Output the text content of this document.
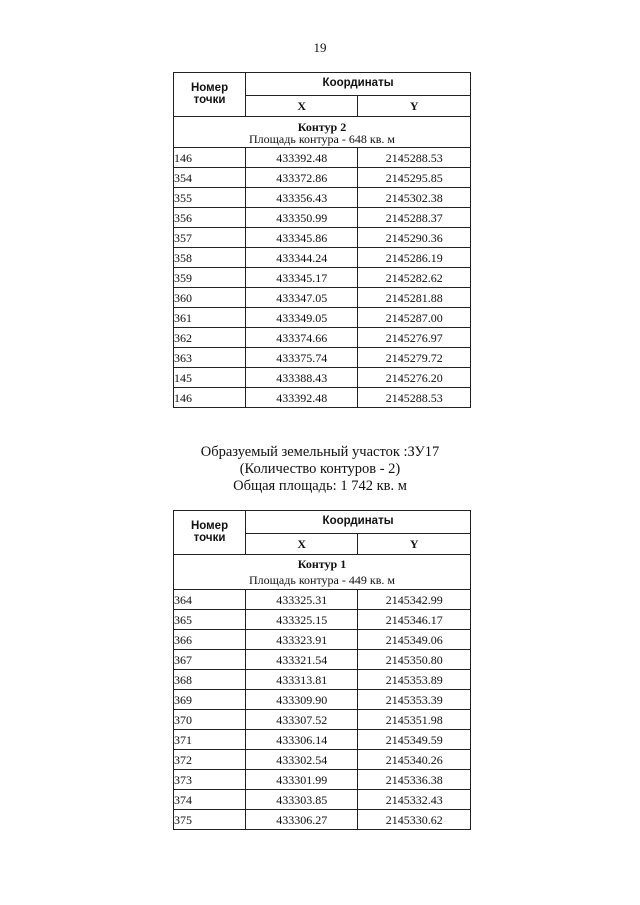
19
Номер точки	Координаты	
	X	Y

Контур 2
Площадь контура - 648 кв. м		

146	433392.48	2145288.53
354	433372.86	2145295.85
355	433356.43	2145302.38
356	433350.99	2145288.37
357	433345.86	2145290.36
358	433344.24	2145286.19
359	433345.17	2145282.62
360	433347.05	2145281.88
361	433349.05	2145287.00
362	433374.66	2145276.97
363	433375.74	2145279.72
145	433388.43	2145276.20
146	433392.48	2145288.53
Образуемый земельный участок :ЗУ17
(Количество контуров - 2)
Общая площадь: 1 742 кв. м
Номер точки	Координаты	
	X	Y

Контур 1
Площадь контура - 449 кв. м		

364	433325.31	2145342.99
365	433325.15	2145346.17
366	433323.91	2145349.06
367	433321.54	2145350.80
368	433313.81	2145353.89
369	433309.90	2145353.39
370	433307.52	2145351.98
371	433306.14	2145349.59
372	433302.54	2145340.26
373	433301.99	2145336.38
374	433303.85	2145332.43
375	433306.27	2145330.62
